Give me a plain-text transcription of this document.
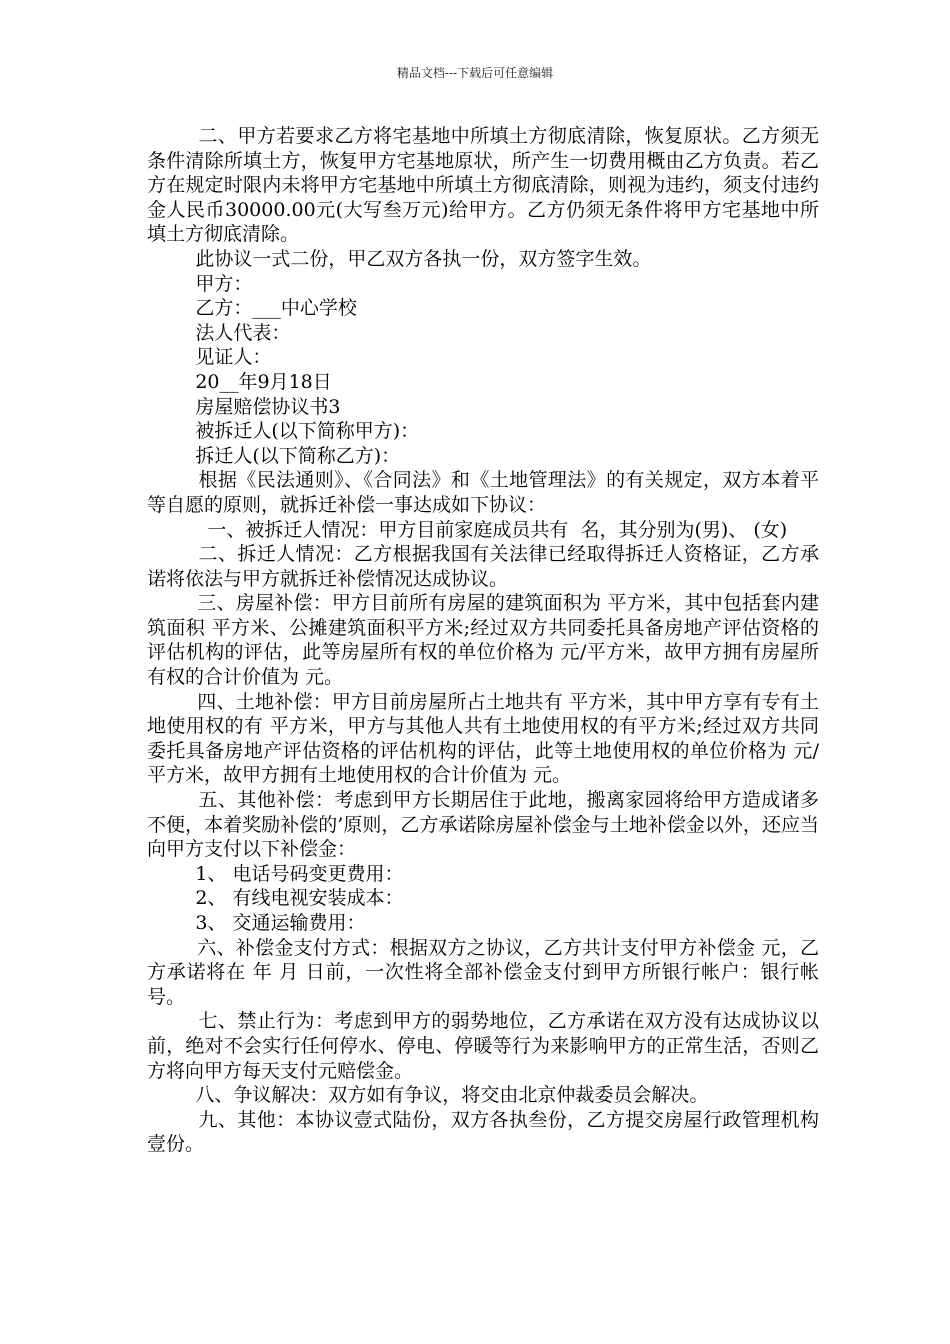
精品文档---下载后可任意编辑

二、甲方若要求乙方将宅基地中所填土方彻底清除，恢复原状。乙方须无条件清除所填土方，恢复甲方宅基地原状，所产生一切费用概由乙方负责。若乙方在规定时限内未将甲方宅基地中所填土方彻底清除，则视为违约，须支付违约金人民币30000.00元(大写叁万元)给甲方。乙方仍须无条件将甲方宅基地中所填土方彻底清除。

此协议一式二份，甲乙双方各执一份，双方签字生效。

甲方：

乙方：___中心学校

法人代表：

见证人：

20__年9月18日

房屋赔偿协议书3

被拆迁人(以下简称甲方)：

拆迁人(以下简称乙方)：

根据《民法通则》、《合同法》和《土地管理法》的有关规定，双方本着平等自愿的原则，就拆迁补偿一事达成如下协议：

一、被拆迁人情况：甲方目前家庭成员共有  名，其分别为(男)、 (女)

二、拆迁人情况：乙方根据我国有关法律已经取得拆迁人资格证，乙方承诺将依法与甲方就拆迁补偿情况达成协议。

三、房屋补偿：甲方目前所有房屋的建筑面积为 平方米，其中包括套内建筑面积 平方米、公摊建筑面积平方米;经过双方共同委托具备房地产评估资格的评估机构的评估，此等房屋所有权的单位价格为 元/平方米，故甲方拥有房屋所有权的合计价值为 元。

四、土地补偿：甲方目前房屋所占土地共有 平方米，其中甲方享有专有土地使用权的有 平方米，甲方与其他人共有土地使用权的有平方米;经过双方共同委托具备房地产评估资格的评估机构的评估，此等土地使用权的单位价格为 元/平方米，故甲方拥有土地使用权的合计价值为 元。

五、其他补偿：考虑到甲方长期居住于此地，搬离家园将给甲方造成诸多不便，本着奖励补偿的’原则，乙方承诺除房屋补偿金与土地补偿金以外，还应当向甲方支付以下补偿金：

1、 电话号码变更费用：

2、 有线电视安装成本：

3、 交通运输费用：

六、补偿金支付方式：根据双方之协议，乙方共计支付甲方补偿金 元，乙方承诺将在 年 月 日前，一次性将全部补偿金支付到甲方所银行帐户：银行帐号。

七、禁止行为：考虑到甲方的弱势地位，乙方承诺在双方没有达成协议以前，绝对不会实行任何停水、停电、停暖等行为来影响甲方的正常生活，否则乙方将向甲方每天支付元赔偿金。

八、争议解决：双方如有争议，将交由北京仲裁委员会解决。

九、其他：本协议壹式陆份，双方各执叁份，乙方提交房屋行政管理机构壹份。
